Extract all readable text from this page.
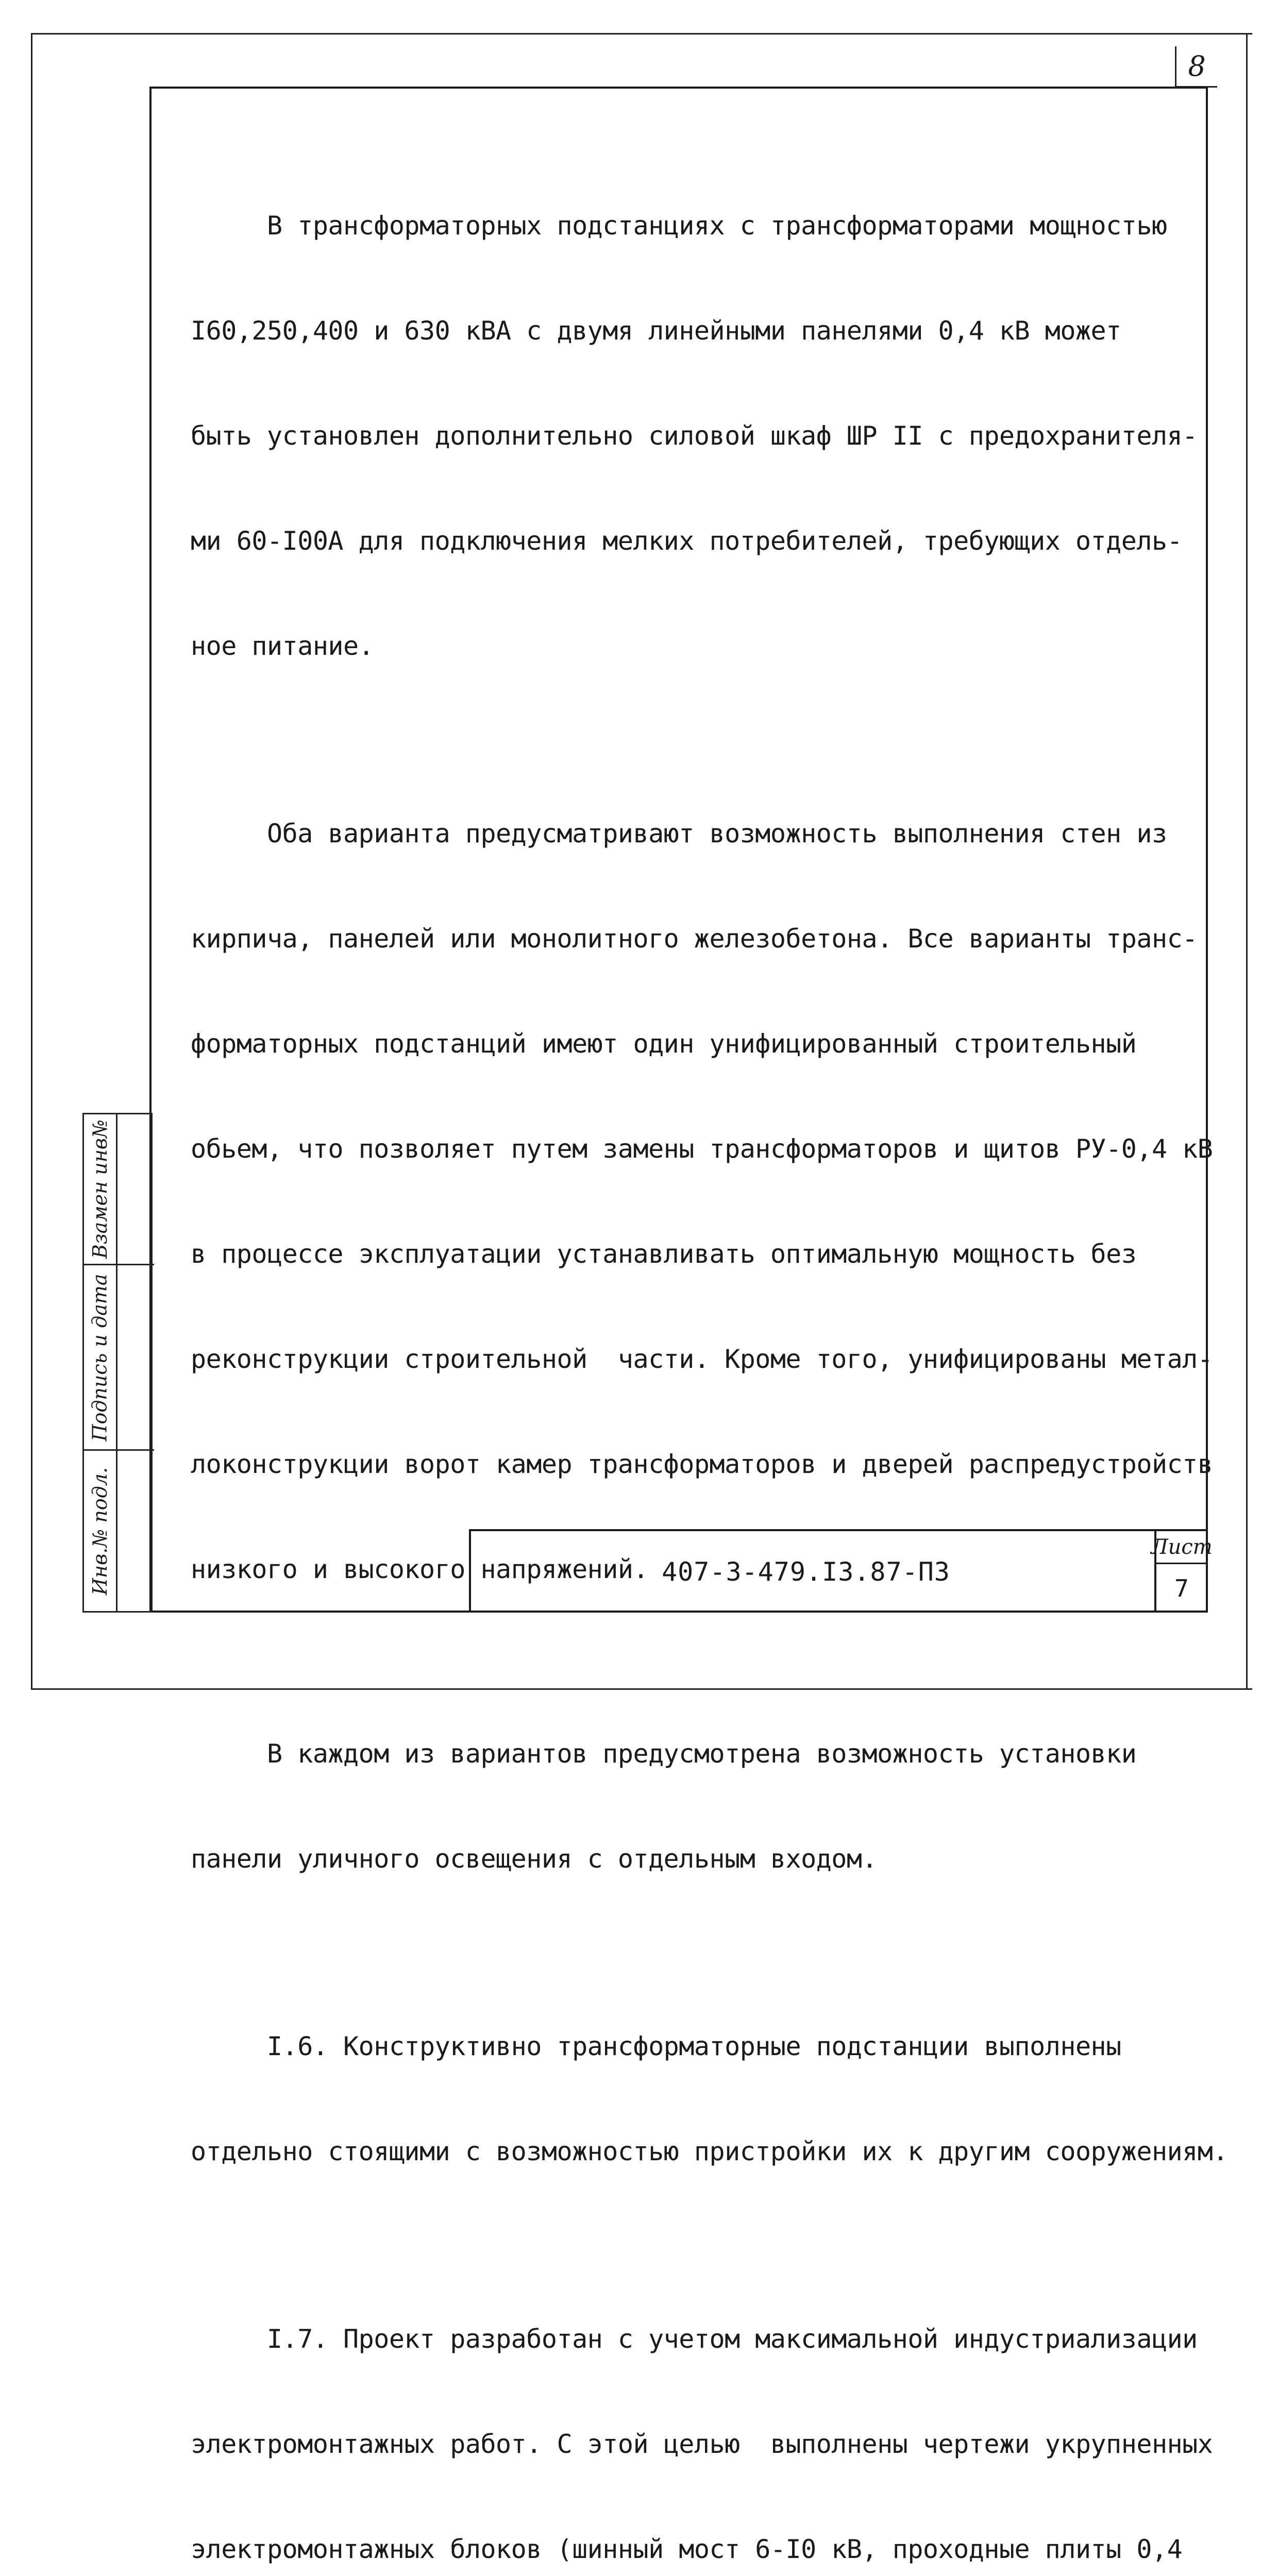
8

В трансформаторных подстанциях с трансформаторами мощностью

І60,250,400 и 630 кВА с двумя линейными панелями 0,4 кВ может

быть установлен дополнительно силовой шкаф ШР ІІ с предохранителя-

ми 60-І00А для подключения мелких потребителей, требующих отдель-

ное питание.

Оба варианта предусматривают возможность выполнения стен из

кирпича, панелей или монолитного железобетона. Все варианты транс-

форматорных подстанций имеют один унифицированный строительный

обьем, что позволяет путем замены трансформаторов и щитов РУ-0,4 кВ

в процессе эксплуатации устанавливать оптимальную мощность без

реконструкции строительной  части. Кроме того, унифицированы метал-

локонструкции ворот камер трансформаторов и дверей распредустройств

низкого и высокого напряжений.

В каждом из вариантов предусмотрена возможность установки

панели уличного освещения с отдельным входом.

І.6. Конструктивно трансформаторные подстанции выполнены

отдельно стоящими с возможностью пристройки их к другим сооружениям.

І.7. Проект разработан с учетом максимальной индустриализации

электромонтажных работ. С этой целью  выполнены чертежи укрупненных

электромонтажных блоков (шинный мост 6-І0 кВ, проходные плиты 0,4

Взамен инв№
Подпись и дата
Инв.№ подл.	407-3-479.І3.87-ПЗ
Лист
7
